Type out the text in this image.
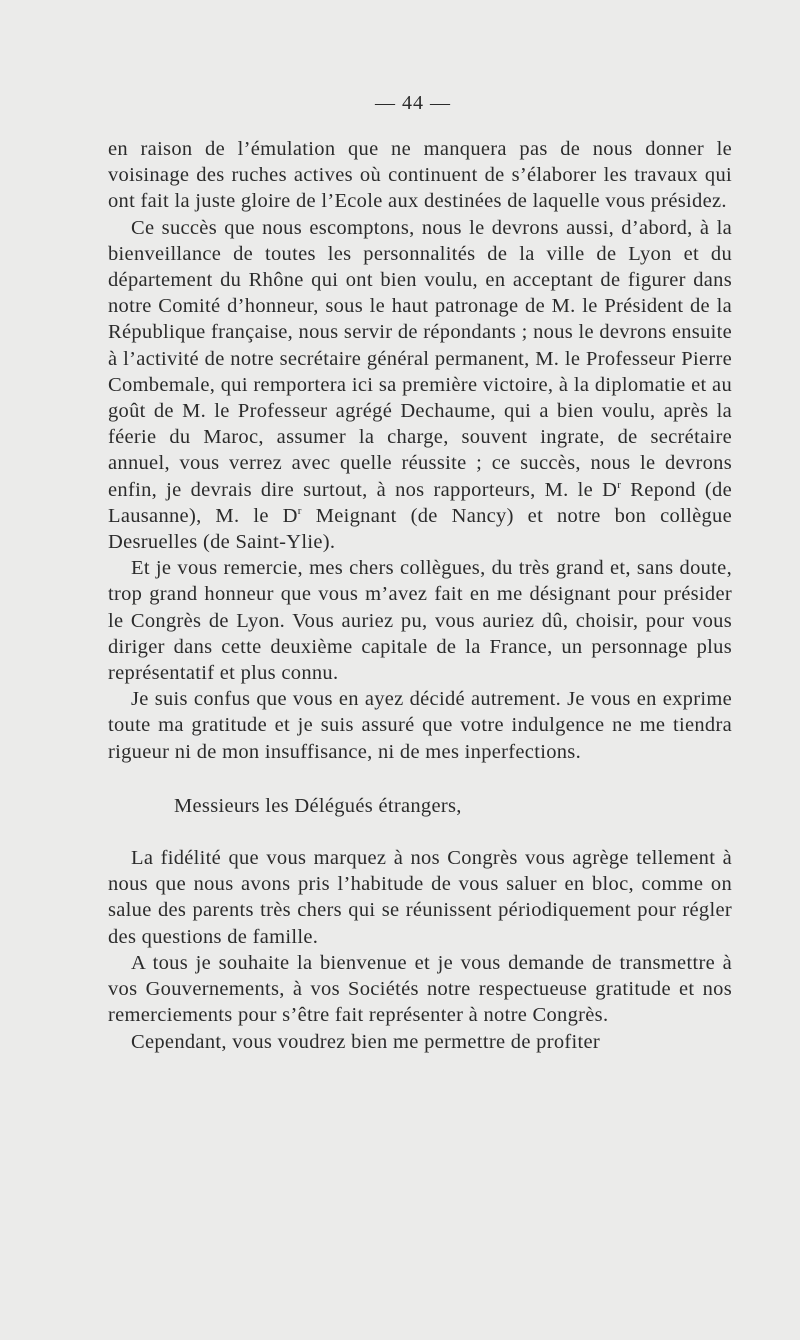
— 44 —

en raison de l’émulation que ne manquera pas de nous donner le voisinage des ruches actives où continuent de s’élaborer les travaux qui ont fait la juste gloire de l’Ecole aux destinées de laquelle vous présidez.

Ce succès que nous escomptons, nous le devrons aussi, d’abord, à la bienveillance de toutes les personnalités de la ville de Lyon et du département du Rhône qui ont bien voulu, en acceptant de figurer dans notre Comité d’honneur, sous le haut patronage de M. le Président de la République française, nous servir de répondants ; nous le devrons ensuite à l’activité de notre secrétaire général permanent, M. le Professeur Pierre Combemale, qui remportera ici sa première victoire, à la diplomatie et au goût de M. le Professeur agrégé Dechaume, qui a bien voulu, après la féerie du Maroc, assumer la charge, souvent ingrate, de secrétaire annuel, vous verrez avec quelle réussite ; ce succès, nous le devrons enfin, je devrais dire surtout, à nos rapporteurs, M. le $D^r$ Repond (de Lausanne), M. le $D^r$ Meignant (de Nancy) et notre bon collègue Desruelles (de Saint-Ylie).

Et je vous remercie, mes chers collègues, du très grand et, sans doute, trop grand honneur que vous m’avez fait en me désignant pour présider le Congrès de Lyon. Vous auriez pu, vous auriez dû, choisir, pour vous diriger dans cette deuxième capitale de la France, un personnage plus représentatif et plus connu.

Je suis confus que vous en ayez décidé autrement. Je vous en exprime toute ma gratitude et je suis assuré que votre indulgence ne me tiendra rigueur ni de mon insuffisance, ni de mes inperfections.

Messieurs les Délégués étrangers,

La fidélité que vous marquez à nos Congrès vous agrège tellement à nous que nous avons pris l’habitude de vous saluer en bloc, comme on salue des parents très chers qui se réunissent périodiquement pour régler des questions de famille.

A tous je souhaite la bienvenue et je vous demande de transmettre à vos Gouvernements, à vos Sociétés notre respectueuse gratitude et nos remerciements pour s’être fait représenter à notre Congrès.

Cependant, vous voudrez bien me permettre de profiter
